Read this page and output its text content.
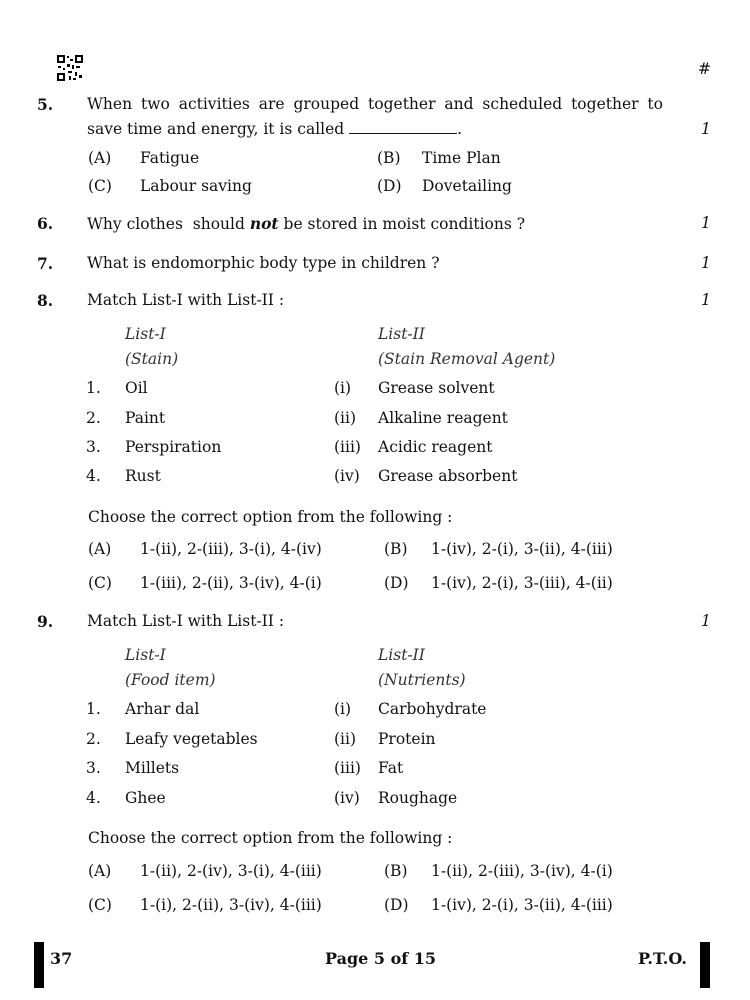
#
5. When two activities are grouped together and scheduled together to
save time and energy, it is called	.	1
(A) Fatigue	(B) Time Plan
(C) Labour saving	(D) Dovetailing
6. Why clothes  should not be stored in moist conditions ?	1
7. What is endomorphic body type in children ?	1
8. Match List-I with List-II :	1
List-I
(Stain)
List-II
(Stain Removal Agent)
1. Oil	(i) Grease solvent
2. Paint	(ii) Alkaline reagent
3. Perspiration	(iii) Acidic reagent
4. Rust	(iv) Grease absorbent
Choose the correct option from the following :
(A) 1-(ii), 2-(iii), 3-(i), 4-(iv)	(B) 1-(iv), 2-(i), 3-(ii), 4-(iii)
(C) 1-(iii), 2-(ii), 3-(iv), 4-(i)	(D) 1-(iv), 2-(i), 3-(iii), 4-(ii)
9. Match List-I with List-II :	1
List-I
(Food item)
List-II
(Nutrients)
1. Arhar dal	(i) Carbohydrate
2. Leafy vegetables	(ii) Protein
3. Millets	(iii) Fat
4. Ghee	(iv) Roughage
Choose the correct option from the following :
(A) 1-(ii), 2-(iv), 3-(i), 4-(iii)	(B) 1-(ii), 2-(iii), 3-(iv), 4-(i)
(C) 1-(i), 2-(ii), 3-(iv), 4-(iii)	(D) 1-(iv), 2-(i), 3-(ii), 4-(iii)
37	Page 5 of 15	P.T.O.
